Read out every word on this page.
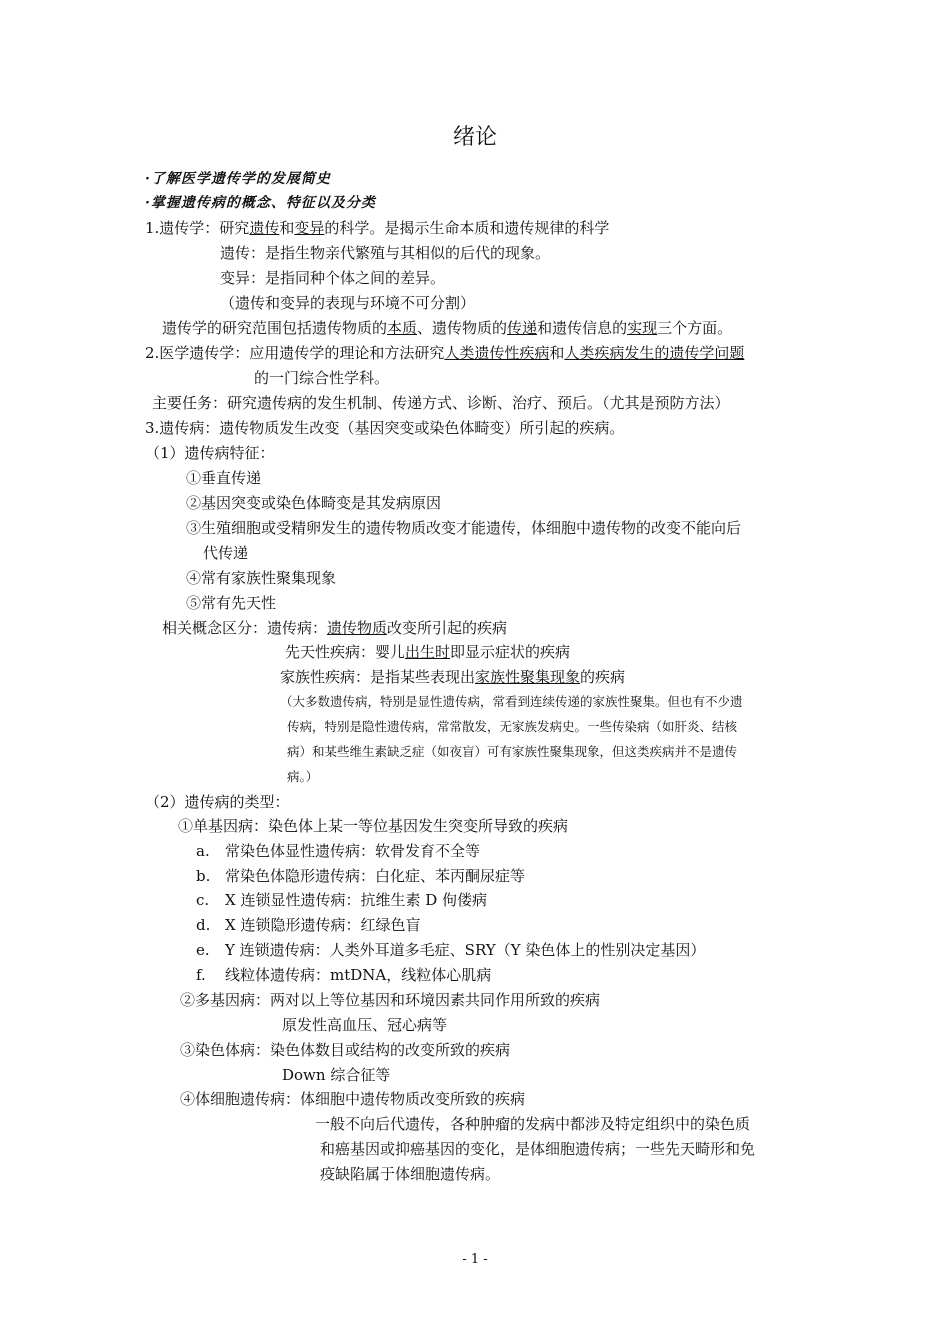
绪论
·了解医学遗传学的发展简史
·掌握遗传病的概念、特征以及分类
1.遗传学：研究遗传和变异的科学。是揭示生命本质和遗传规律的科学
遗传：是指生物亲代繁殖与其相似的后代的现象。
变异：是指同种个体之间的差异。
（遗传和变异的表现与环境不可分割）
遗传学的研究范围包括遗传物质的本质、遗传物质的传递和遗传信息的实现三个方面。
2.医学遗传学：应用遗传学的理论和方法研究人类遗传性疾病和人类疾病发生的遗传学问题
的一门综合性学科。
主要任务：研究遗传病的发生机制、传递方式、诊断、治疗、预后。（尤其是预防方法）
3.遗传病：遗传物质发生改变（基因突变或染色体畸变）所引起的疾病。
（1）遗传病特征：
①垂直传递
②基因突变或染色体畸变是其发病原因
③生殖细胞或受精卵发生的遗传物质改变才能遗传，体细胞中遗传物的改变不能向后
代传递
④常有家族性聚集现象
⑤常有先天性
相关概念区分：遗传病：遗传物质改变所引起的疾病
先天性疾病：婴儿出生时即显示症状的疾病
家族性疾病：是指某些表现出家族性聚集现象的疾病
（大多数遗传病，特别是显性遗传病，常看到连续传递的家族性聚集。但也有不少遗
传病，特别是隐性遗传病，常常散发，无家族发病史。一些传染病（如肝炎、结核
病）和某些维生素缺乏症（如夜盲）可有家族性聚集现象，但这类疾病并不是遗传
病。）
（2）遗传病的类型：
①单基因病：染色体上某一等位基因发生突变所导致的疾病
a. 常染色体显性遗传病：软骨发育不全等
b. 常染色体隐形遗传病：白化症、苯丙酮尿症等
c. X 连锁显性遗传病：抗维生素 D 佝偻病
d. X 连锁隐形遗传病：红绿色盲
e. Y 连锁遗传病：人类外耳道多毛症、SRY（Y 染色体上的性别决定基因）
f. 线粒体遗传病：mtDNA，线粒体心肌病
②多基因病：两对以上等位基因和环境因素共同作用所致的疾病
原发性高血压、冠心病等
③染色体病：染色体数目或结构的改变所致的疾病
Down 综合征等
④体细胞遗传病：体细胞中遗传物质改变所致的疾病
一般不向后代遗传，各种肿瘤的发病中都涉及特定组织中的染色质
和癌基因或抑癌基因的变化，是体细胞遗传病；一些先天畸形和免
疫缺陷属于体细胞遗传病。
- 1 -
